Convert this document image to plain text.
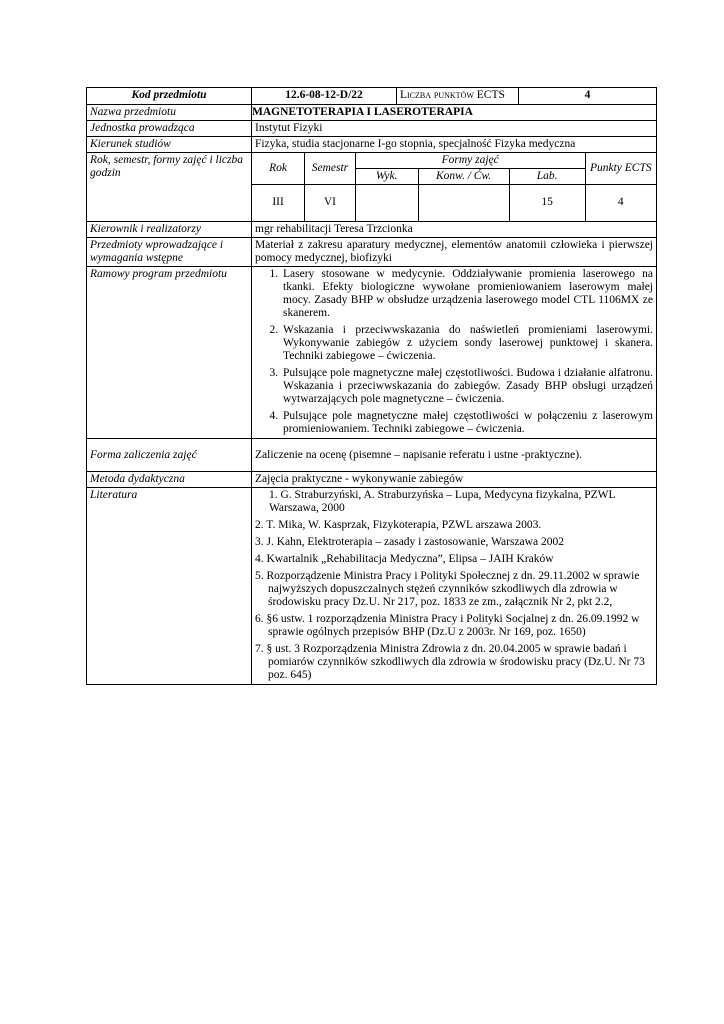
Kod przedmiotu	12.6-08-12-D/22	Liczba punktów ECTS	4
Nazwa przedmiotu	MAGNETOTERAPIA I LASEROTERAPIA
Jednostka prowadząca	Instytut Fizyki
Kierunek studiów	Fizyka, studia stacjonarne I-go stopnia, specjalność Fizyka medyczna
Rok, semestr, formy zajęć i liczba godzin		Rok	Semestr	Formy zajęć	Punkty ECTS
Wyk.	Konw. / Ćw.	Lab.
III	VI			15	4

Kierownik i realizatorzy	mgr rehabilitacji Teresa Trzcionka
Przedmioty wprowadzające i wymagania wstępne	Materiał z zakresu aparatury medycznej, elementów anatomii człowieka i pierwszej pomocy medycznej, biofizyki
Ramowy program przedmiotu	
1.Lasery stosowane w medycynie. Oddziaływanie promienia laserowego na tkanki. Efekty biologiczne wywołane promieniowaniem laserowym małej mocy. Zasady BHP w obsłudze urządzenia laserowego model CTL 1106MX ze skanerem.
2. Wskazania i przeciwwskazania do naświetleń promieniami laserowymi. Wykonywanie zabiegów z użyciem sondy laserowej punktowej i skanera. Techniki zabiegowe – ćwiczenia.
3. Pulsujące pole magnetyczne małej częstotliwości. Budowa i działanie alfatronu. Wskazania i przeciwwskazania do zabiegów. Zasady BHP obsługi urządzeń wytwarzających pole magnetyczne – ćwiczenia.
4. Pulsujące pole magnetyczne małej częstotliwości w połączeniu z laserowym promieniowaniem. Techniki zabiegowe – ćwiczenia.

Forma zaliczenia zajęć	Zaliczenie na ocenę (pisemne – napisanie referatu i ustne -praktyczne).
Metoda dydaktyczna	Zajęcia praktyczne - wykonywanie zabiegów
Literatura	1. G. Straburzyński, A. Straburzyńska – Lupa, Medycyna fizykalna, PZWL Warszawa, 2000
2. T. Mika, W. Kasprzak, Fizykoterapia, PZWL arszawa 2003.
3. J. Kahn, Elektroterapia – zasady i zastosowanie, Warszawa 2002
4. Kwartalnik „Rehabilitacja Medyczna”, Elipsa – JAIH Kraków
5. Rozporządzenie Ministra Pracy i Polityki Społecznej z dn. 29.11.2002 w sprawie najwyższych dopuszczalnych stężeń czynników szkodliwych dla zdrowia w środowisku pracy Dz.U. Nr 217, poz. 1833 ze zm., załącznik Nr 2, pkt 2.2,
6. §6 ustw. 1 rozporządzenia Ministra Pracy i Polityki Socjalnej z dn. 26.09.1992 w sprawie ogólnych przepisów BHP (Dz.U z 2003r. Nr 169, poz. 1650)
7. § ust. 3 Rozporządzenia Ministra Zdrowia z dn. 20.04.2005 w sprawie badań i pomiarów czynników szkodliwych dla zdrowia w środowisku pracy (Dz.U. Nr 73 poz. 645)
